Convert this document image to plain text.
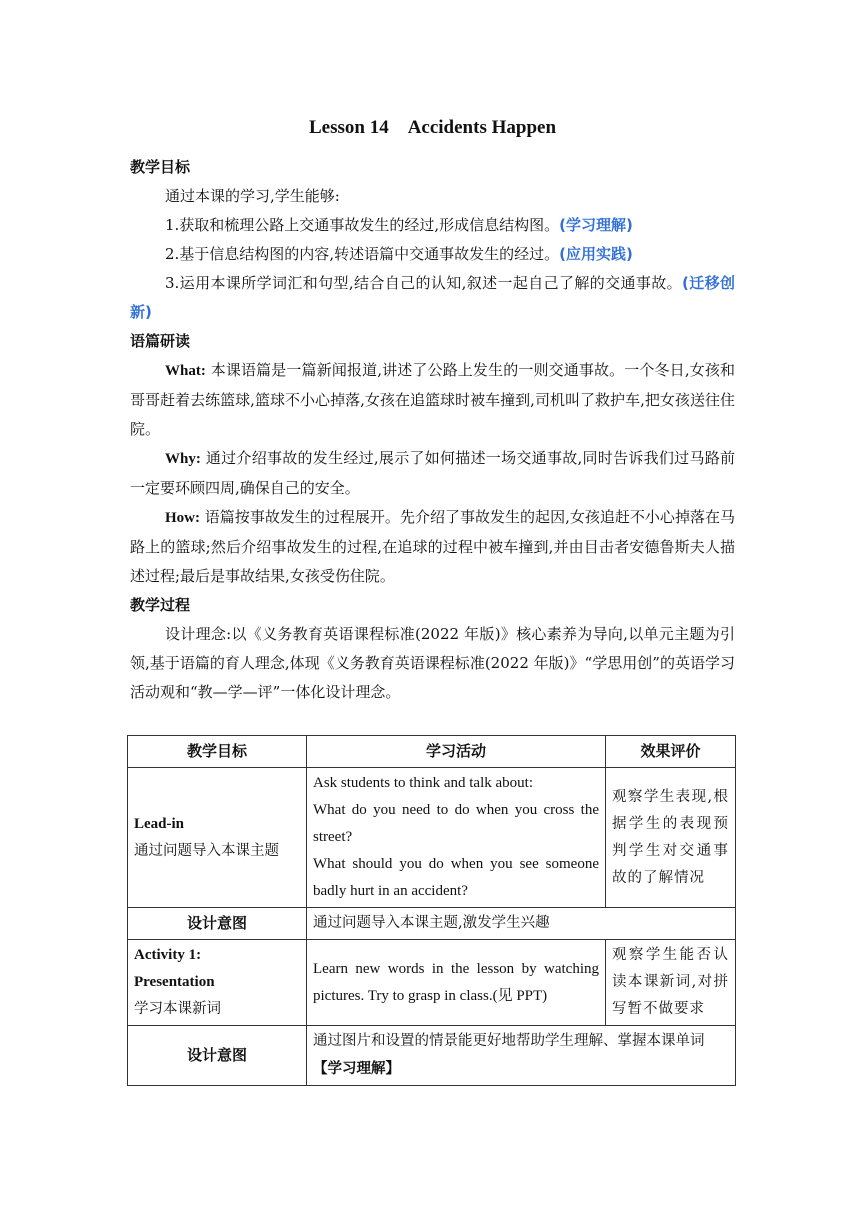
Lesson 14　Accidents Happen
教学目标

通过本课的学习,学生能够:

1.获取和梳理公路上交通事故发生的经过,形成信息结构图。(学习理解)

2.基于信息结构图的内容,转述语篇中交通事故发生的经过。(应用实践)

3.运用本课所学词汇和句型,结合自己的认知,叙述一起自己了解的交通事故。(迁移创新)

语篇研读

What: 本课语篇是一篇新闻报道,讲述了公路上发生的一则交通事故。一个冬日,女孩和哥哥赶着去练篮球,篮球不小心掉落,女孩在追篮球时被车撞到,司机叫了救护车,把女孩送往住院。

Why: 通过介绍事故的发生经过,展示了如何描述一场交通事故,同时告诉我们过马路前一定要环顾四周,确保自己的安全。

How: 语篇按事故发生的过程展开。先介绍了事故发生的起因,女孩追赶不小心掉落在马路上的篮球;然后介绍事故发生的过程,在追球的过程中被车撞到,并由目击者安德鲁斯夫人描述过程;最后是事故结果,女孩受伤住院。

教学过程

设计理念:以《义务教育英语课程标准(2022 年版)》核心素养为导向,以单元主题为引领,基于语篇的育人理念,体现《义务教育英语课程标准(2022 年版)》“学思用创”的英语学习活动观和“教—学—评”一体化设计理念。

教学目标	学习活动	效果评价

Lead-in
通过问题导入本课主题	Ask students to think and talk about:
What do you need to do when you cross the street?
What should you do when you see someone badly hurt in an accident?	观察学生表现,根据学生的表现预判学生对交通事故的了解情况
设计意图	通过问题导入本课主题,激发学生兴趣	

Activity 1:
Presentation
学习本课新词	Learn new words in the lesson by watching pictures. Try to grasp in class.(见 PPT)	观察学生能否认读本课新词,对拼写暂不做要求
设计意图	通过图片和设置的情景能更好地帮助学生理解、掌握本课单词【学习理解】	
